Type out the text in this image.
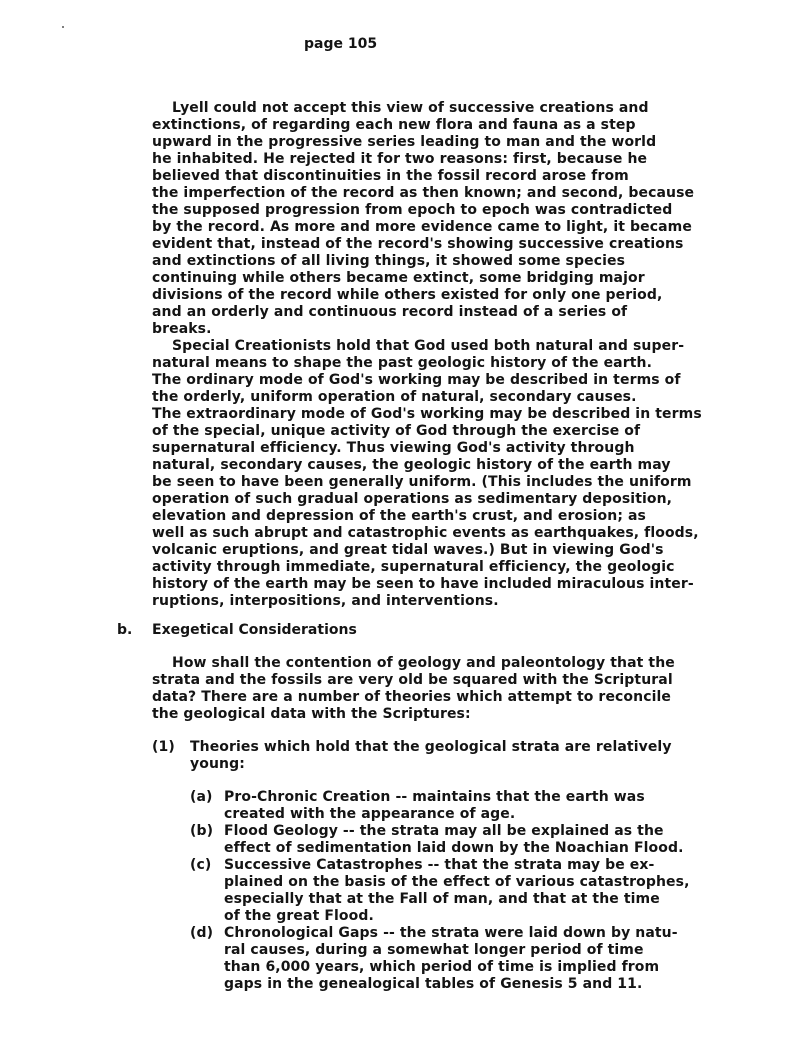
page 105
Lyell could not accept this view of successive creations and
extinctions, of regarding each new flora and fauna as a step
upward in the progressive series leading to man and the world
he inhabited. He rejected it for two reasons: first, because he
believed that discontinuities in the fossil record arose from
the imperfection of the record as then known; and second, because
the supposed progression from epoch to epoch was contradicted
by the record. As more and more evidence came to light, it became
evident that, instead of the record's showing successive creations
and extinctions of all living things, it showed some species
continuing while others became extinct, some bridging major
divisions of the record while others existed for only one period,
and an orderly and continuous record instead of a series of
breaks.
Special Creationists hold that God used both natural and super-
natural means to shape the past geologic history of the earth.
The ordinary mode of God's working may be described in terms of
the orderly, uniform operation of natural, secondary causes.
The extraordinary mode of God's working may be described in terms
of the special, unique activity of God through the exercise of
supernatural efficiency. Thus viewing God's activity through
natural, secondary causes, the geologic history of the earth may
be seen to have been generally uniform. (This includes the uniform
operation of such gradual operations as sedimentary deposition,
elevation and depression of the earth's crust, and erosion; as
well as such abrupt and catastrophic events as earthquakes, floods,
volcanic eruptions, and great tidal waves.) But in viewing God's
activity through immediate, supernatural efficiency, the geologic
history of the earth may be seen to have included miraculous inter-
ruptions, interpositions, and interventions.
b. Exegetical Considerations
How shall the contention of geology and paleontology that the
strata and the fossils are very old be squared with the Scriptural
data? There are a number of theories which attempt to reconcile
the geological data with the Scriptures:
(1) Theories which hold that the geological strata are relatively
young:
(a) Pro-Chronic Creation -- maintains that the earth was
created with the appearance of age.
(b) Flood Geology -- the strata may all be explained as the
effect of sedimentation laid down by the Noachian Flood.
(c) Successive Catastrophes -- that the strata may be ex-
plained on the basis of the effect of various catastrophes,
especially that at the Fall of man, and that at the time
of the great Flood.
(d) Chronological Gaps -- the strata were laid down by natu-
ral causes, during a somewhat longer period of time
than 6,000 years, which period of time is implied from
gaps in the genealogical tables of Genesis 5 and 11.
